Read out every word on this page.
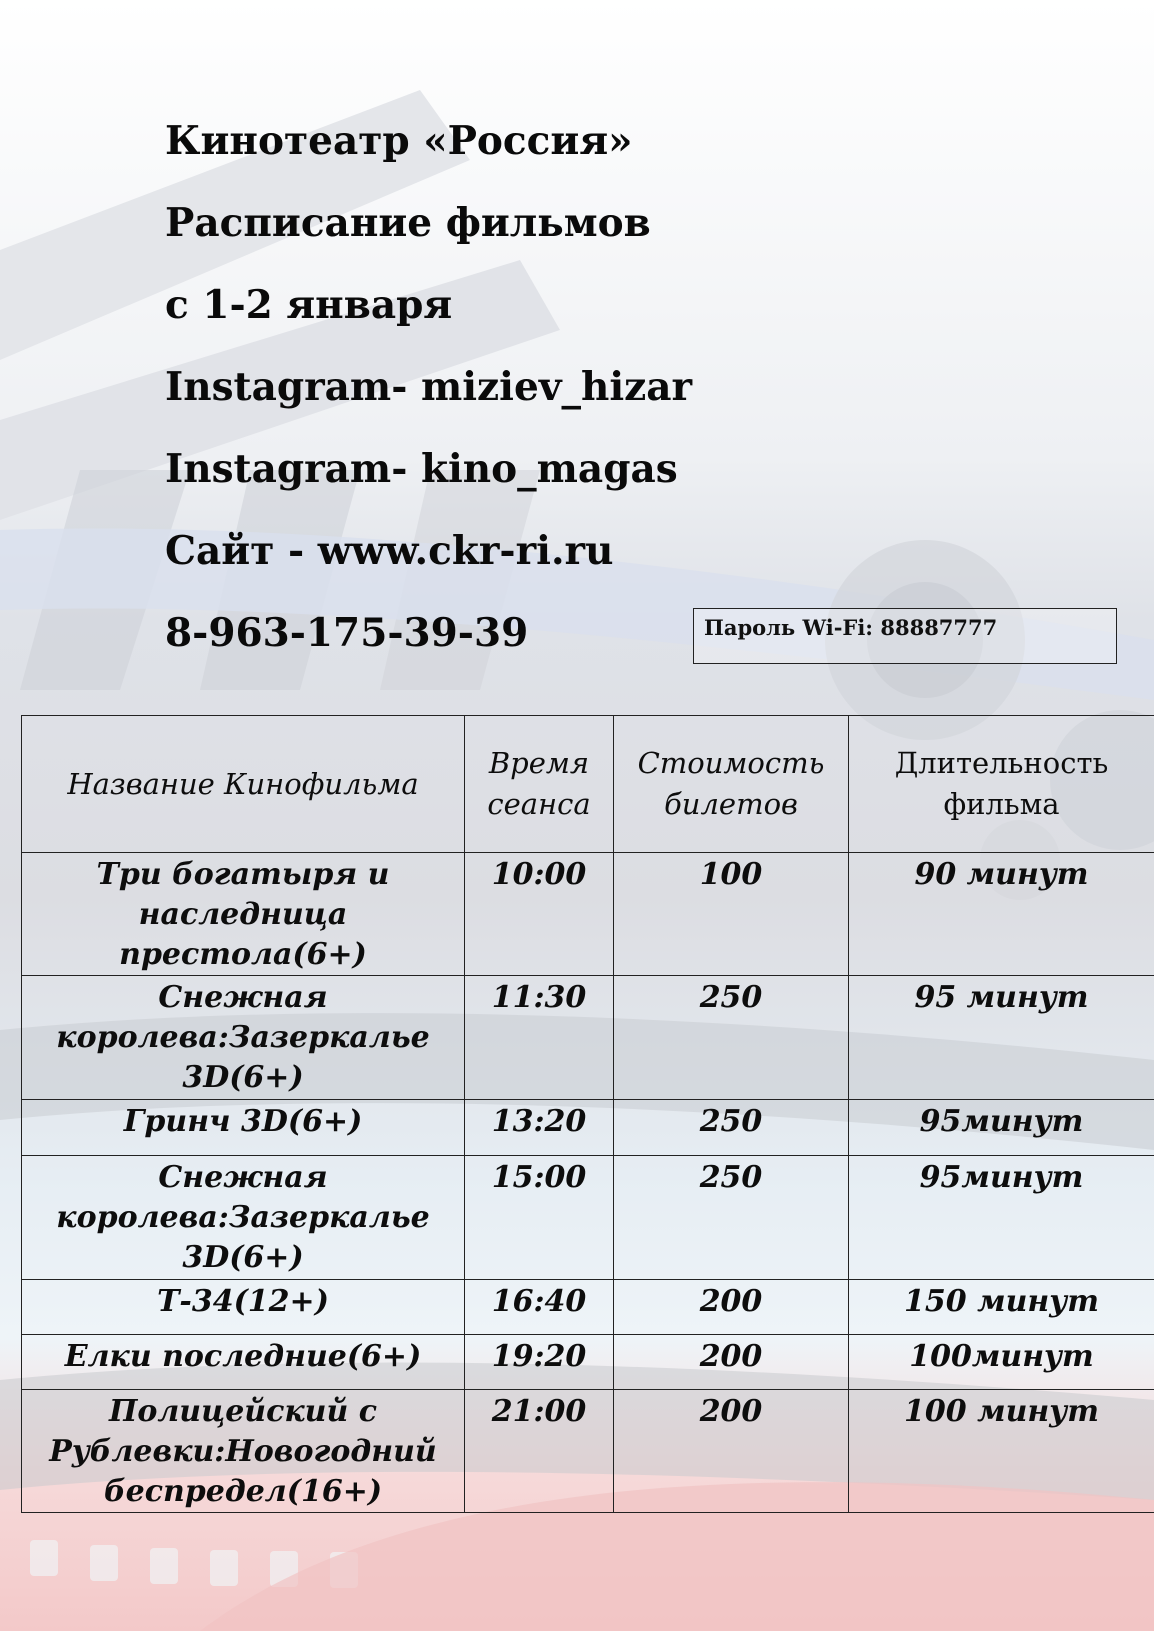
Кинотеатр «Россия»
Расписание фильмов
с 1-2 января
Instagram- miziev_hizar
Instagram- kino_magas
Сайт - www.ckr-ri.ru
8-963-175-39-39	Пароль Wi-Fi: 88887777
Название Кинофильма	Время сеанса	Стоимость билетов	Длительность фильма
Три богатыря и наследница престола(6+)	10:00	100	90 минут
Снежная королева:Зазеркалье 3D(6+)	11:30	250	95 минут
Гринч 3D(6+)	13:20	250	95минут
Снежная королева:Зазеркалье 3D(6+)	15:00	250	95минут
Т-34(12+)	16:40	200	150 минут
Елки последние(6+)	19:20	200	100минут
Полицейский с Рублевки:Новогодний беспредел(16+)	21:00	200	100 минут
